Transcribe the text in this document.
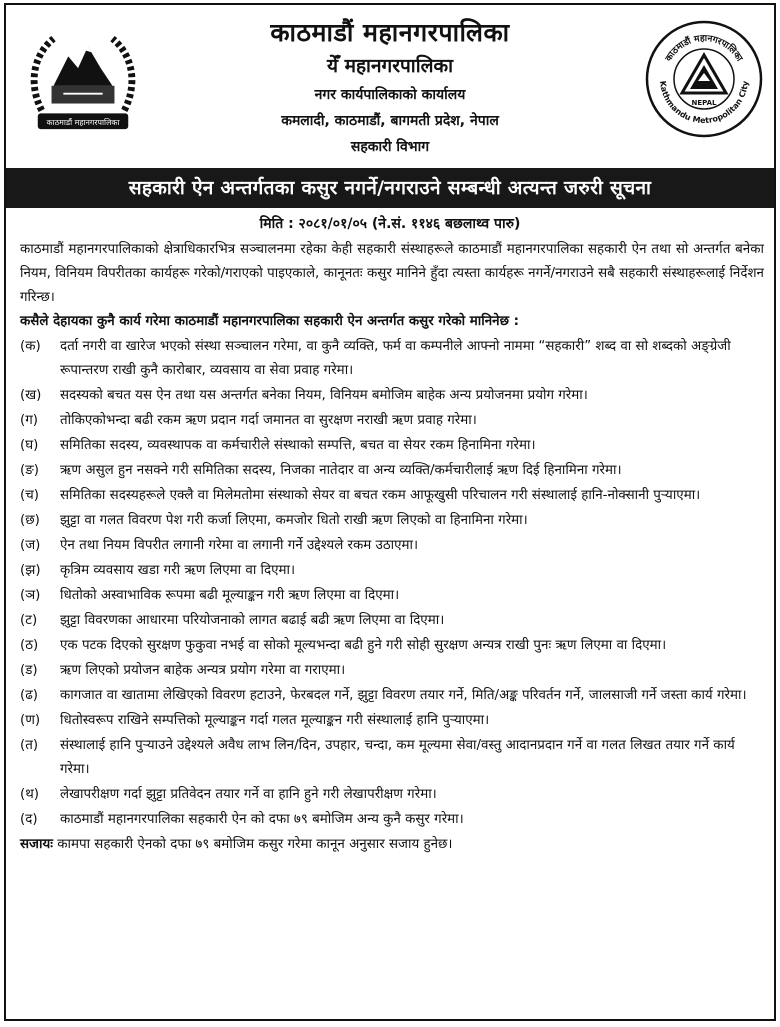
काठमाडौं महानगरपालिका
काठमाडौं महानगरपालिका
येँ महानगरपालिका
नगर कार्यपालिकाको कार्यालय
कमलादी, काठमाडौं, बागमती प्रदेश, नेपाल
सहकारी विभाग
काठमाडौं महानगरपालिका
Kathmandu Metropolitan City
NEPAL
सहकारी ऐन अन्तर्गतका कसुर नगर्ने/नगराउने सम्बन्धी अत्यन्त जरुरी सूचना
मिति : २०८१/०१/०५ (ने.सं. ११४६ बछलाथ्व पारु)
काठमाडौं महानगरपालिकाको क्षेत्राधिकारभित्र सञ्चालनमा रहेका केही सहकारी संस्थाहरूले काठमाडौं महानगरपालिका सहकारी ऐन तथा सो अन्तर्गत बनेका नियम, विनियम विपरीतका कार्यहरू गरेको/गराएको पाइएकाले, कानूनतः कसुर मानिने हुँदा त्यस्ता कार्यहरू नगर्ने/नगराउने सबै सहकारी संस्थाहरूलाई निर्देशन गरिन्छ।
कसैले देहायका कुनै कार्य गरेमा काठमाडौं महानगरपालिका सहकारी ऐन अन्तर्गत कसुर गरेको मानिनेछ :
(क)	दर्ता नगरी वा खारेज भएको संस्था सञ्चालन गरेमा, वा कुनै व्यक्ति, फर्म वा कम्पनीले आफ्नो नाममा “सहकारी” शब्द वा सो शब्दको अङ्ग्रेजी रूपान्तरण राखी कुनै कारोबार, व्यवसाय वा सेवा प्रवाह गरेमा।
(ख)	सदस्यको बचत यस ऐन तथा यस अन्तर्गत बनेका नियम, विनियम बमोजिम बाहेक अन्य प्रयोजनमा प्रयोग गरेमा।
(ग)	तोकिएकोभन्दा बढी रकम ऋण प्रदान गर्दा जमानत वा सुरक्षण नराखी ऋण प्रवाह गरेमा।
(घ)	समितिका सदस्य, व्यवस्थापक वा कर्मचारीले संस्थाको सम्पत्ति, बचत वा सेयर रकम हिनामिना गरेमा।
(ङ)	ऋण असुल हुन नसक्ने गरी समितिका सदस्य, निजका नातेदार वा अन्य व्यक्ति/कर्मचारीलाई ऋण दिई हिनामिना गरेमा।
(च)	समितिका सदस्यहरूले एक्लै वा मिलेमतोमा संस्थाको सेयर वा बचत रकम आफूखुसी परिचालन गरी संस्थालाई हानि-नोक्सानी पुऱ्याएमा।
(छ)	झुट्टा वा गलत विवरण पेश गरी कर्जा लिएमा, कमजोर धितो राखी ऋण लिएको वा हिनामिना गरेमा।
(ज)	ऐन तथा नियम विपरीत लगानी गरेमा वा लगानी गर्ने उद्देश्यले रकम उठाएमा।
(झ)	कृत्रिम व्यवसाय खडा गरी ऋण लिएमा वा दिएमा।
(ञ)	धितोको अस्वाभाविक रूपमा बढी मूल्याङ्कन गरी ऋण लिएमा वा दिएमा।
(ट)	झुट्टा विवरणका आधारमा परियोजनाको लागत बढाई बढी ऋण लिएमा वा दिएमा।
(ठ)	एक पटक दिएको सुरक्षण फुकुवा नभई वा सोको मूल्यभन्दा बढी हुने गरी सोही सुरक्षण अन्यत्र राखी पुनः ऋण लिएमा वा दिएमा।
(ड)	ऋण लिएको प्रयोजन बाहेक अन्यत्र प्रयोग गरेमा वा गराएमा।
(ढ)	कागजात वा खातामा लेखिएको विवरण हटाउने, फेरबदल गर्ने, झुट्टा विवरण तयार गर्ने, मिति/अङ्क परिवर्तन गर्ने, जालसाजी गर्ने जस्ता कार्य गरेमा।
(ण)	धितोस्वरूप राखिने सम्पत्तिको मूल्याङ्कन गर्दा गलत मूल्याङ्कन गरी संस्थालाई हानि पुऱ्याएमा।
(त)	संस्थालाई हानि पुऱ्याउने उद्देश्यले अवैध लाभ लिन/दिन, उपहार, चन्दा, कम मूल्यमा सेवा/वस्तु आदानप्रदान गर्ने वा गलत लिखत तयार गर्ने कार्य गरेमा।
(थ)	लेखापरीक्षण गर्दा झुट्टा प्रतिवेदन तयार गर्ने वा हानि हुने गरी लेखापरीक्षण गरेमा।
(द)	काठमाडौं महानगरपालिका सहकारी ऐन को दफा ७९ बमोजिम अन्य कुनै कसुर गरेमा।
सजायः कामपा सहकारी ऐनको दफा ७९ बमोजिम कसुर गरेमा कानून अनुसार सजाय हुनेछ।
